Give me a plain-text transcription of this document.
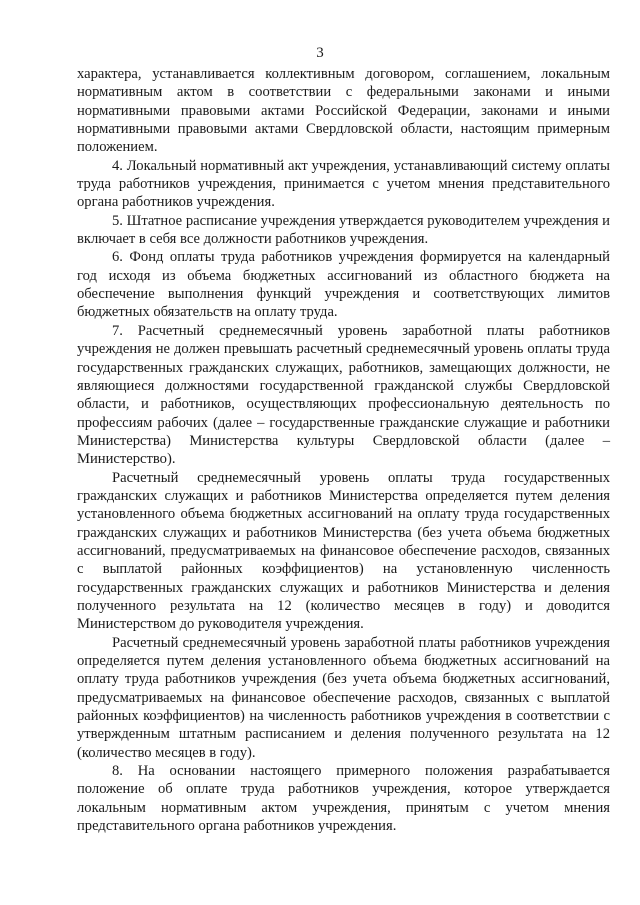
3

характера, устанавливается коллективным договором, соглашением, локальным нормативным актом в соответствии с федеральными законами и иными нормативными правовыми актами Российской Федерации, законами и иными нормативными правовыми актами Свердловской области, настоящим примерным положением.

4. Локальный нормативный акт учреждения, устанавливающий систему оплаты труда работников учреждения, принимается с учетом мнения представительного органа работников учреждения.

5. Штатное расписание учреждения утверждается руководителем учреждения и включает в себя все должности работников учреждения.

6. Фонд оплаты труда работников учреждения формируется на календарный год исходя из объема бюджетных ассигнований из областного бюджета на обеспечение выполнения функций учреждения и соответствующих лимитов бюджетных обязательств на оплату труда.

7. Расчетный среднемесячный уровень заработной платы работников учреждения не должен превышать расчетный среднемесячный уровень оплаты труда государственных гражданских служащих, работников, замещающих должности, не являющиеся должностями государственной гражданской службы Свердловской области, и работников, осуществляющих профессиональную деятельность по профессиям рабочих (далее – государственные гражданские служащие и работники Министерства) Министерства культуры Свердловской области (далее – Министерство).

Расчетный среднемесячный уровень оплаты труда государственных гражданских служащих и работников Министерства определяется путем деления установленного объема бюджетных ассигнований на оплату труда государственных гражданских служащих и работников Министерства (без учета объема бюджетных ассигнований, предусматриваемых на финансовое обеспечение расходов, связанных с выплатой районных коэффициентов) на установленную численность государственных гражданских служащих и работников Министерства и деления полученного результата на 12 (количество месяцев в году) и доводится Министерством до руководителя учреждения.

Расчетный среднемесячный уровень заработной платы работников учреждения определяется путем деления установленного объема бюджетных ассигнований на оплату труда работников учреждения (без учета объема бюджетных ассигнований, предусматриваемых на финансовое обеспечение расходов, связанных с выплатой районных коэффициентов) на численность работников учреждения в соответствии с утвержденным штатным расписанием и деления полученного результата на 12 (количество месяцев в году).

8. На основании настоящего примерного положения разрабатывается положение об оплате труда работников учреждения, которое утверждается локальным нормативным актом учреждения, принятым с учетом мнения представительного органа работников учреждения.
